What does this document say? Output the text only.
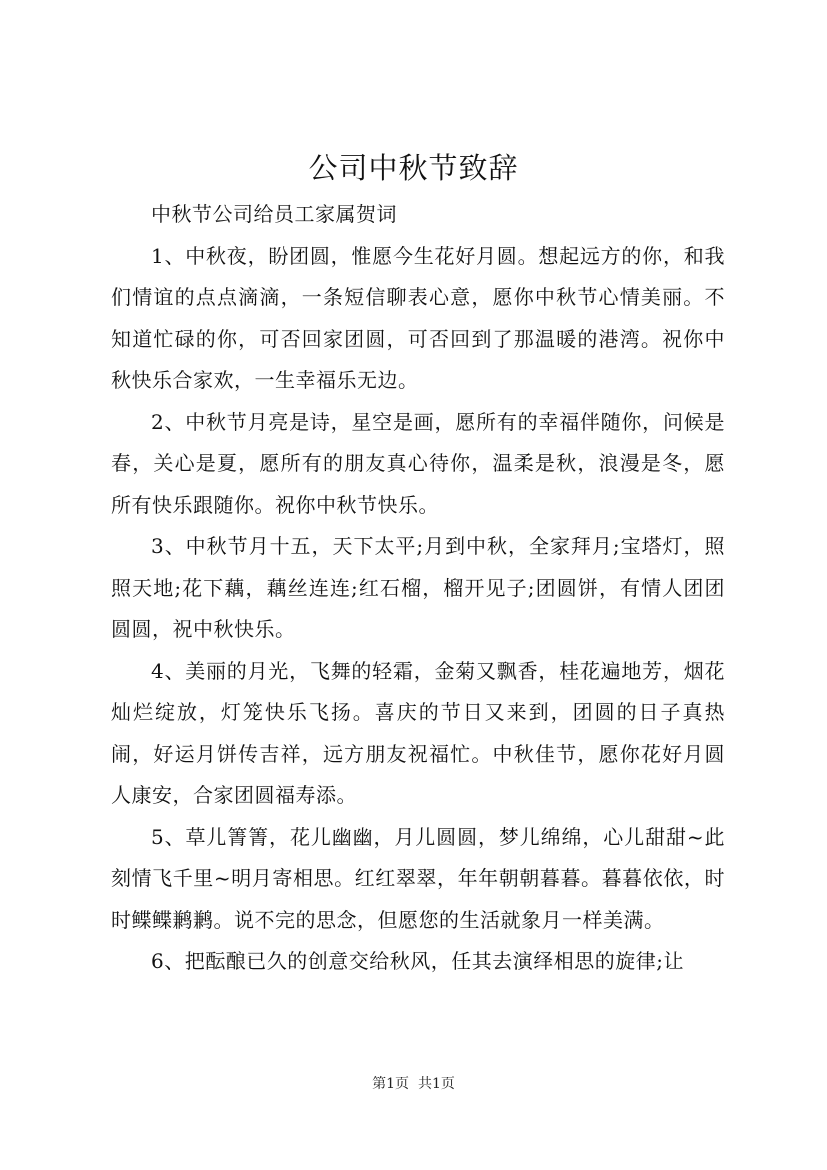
公司中秋节致辞

中秋节公司给员工家属贺词

1、中秋夜，盼团圆，惟愿今生花好月圆。想起远方的你，和我们情谊的点点滴滴，一条短信聊表心意，愿你中秋节心情美丽。不知道忙碌的你，可否回家团圆，可否回到了那温暖的港湾。祝你中秋快乐合家欢，一生幸福乐无边。

2、中秋节月亮是诗，星空是画，愿所有的幸福伴随你，问候是春，关心是夏，愿所有的朋友真心待你，温柔是秋，浪漫是冬，愿所有快乐跟随你。祝你中秋节快乐。

3、中秋节月十五，天下太平;月到中秋，全家拜月;宝塔灯，照照天地;花下藕，藕丝连连;红石榴，榴开见子;团圆饼，有情人团团圆圆，祝中秋快乐。

4、美丽的月光，飞舞的轻霜，金菊又飘香，桂花遍地芳，烟花灿烂绽放，灯笼快乐飞扬。喜庆的节日又来到，团圆的日子真热闹，好运月饼传吉祥，远方朋友祝福忙。中秋佳节，愿你花好月圆人康安，合家团圆福寿添。

5、草儿箐箐，花儿幽幽，月儿圆圆，梦儿绵绵，心儿甜甜~此刻情飞千里~明月寄相思。红红翠翠，年年朝朝暮暮。暮暮依依，时时鲽鲽鹣鹣。说不完的思念，但愿您的生活就象月一样美满。

6、把酝酿已久的创意交给秋风，任其去演绎相思的旋律;让

第1页  共1页
